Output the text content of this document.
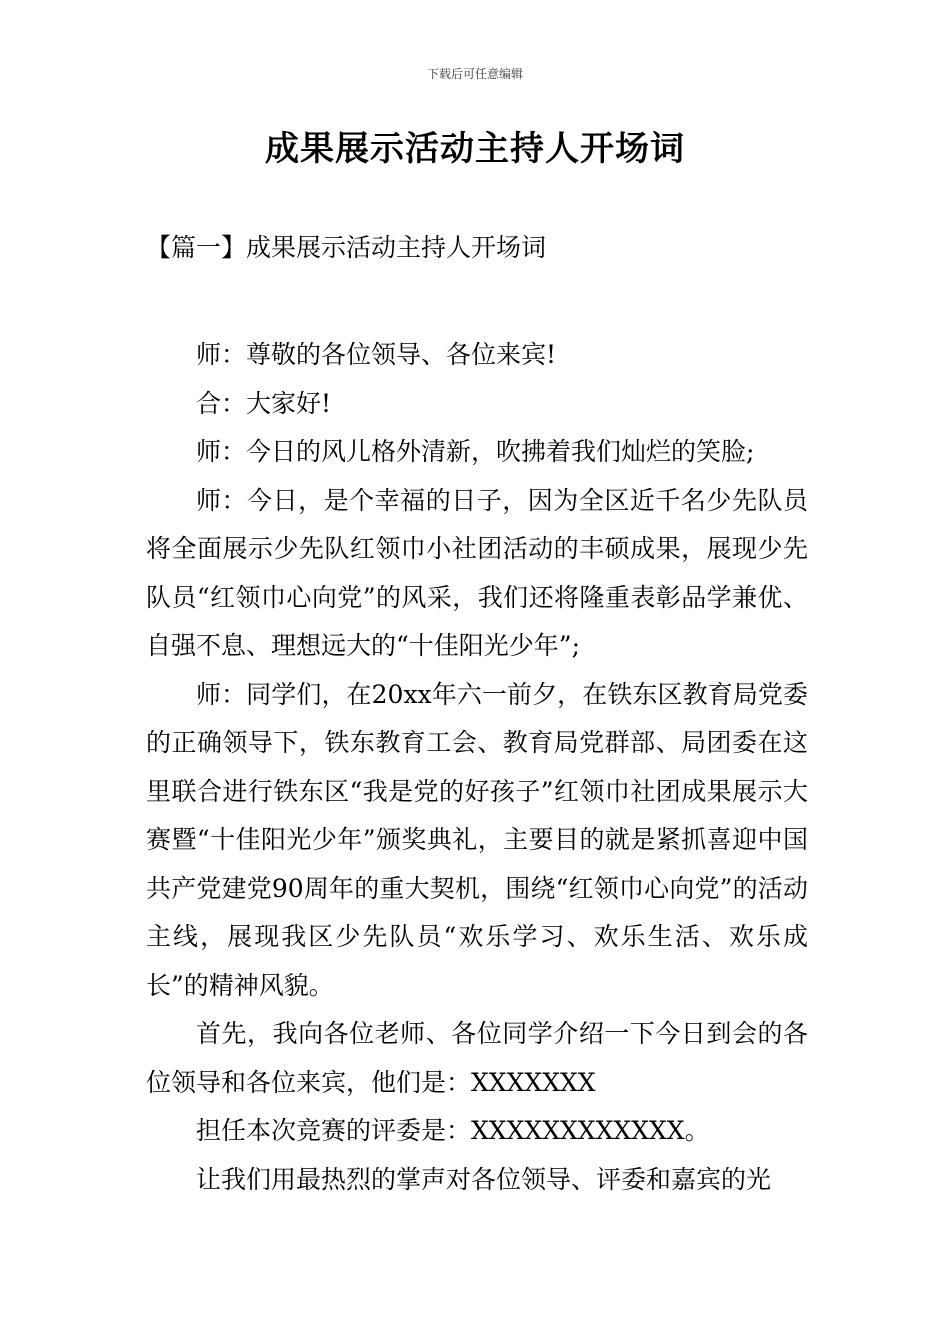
下载后可任意编辑
成果展示活动主持人开场词
【篇一】成果展示活动主持人开场词

师：尊敬的各位领导、各位来宾!

合：大家好!

师：今日的风儿格外清新，吹拂着我们灿烂的笑脸;

师：今日，是个幸福的日子，因为全区近千名少先队员将全面展示少先队红领巾小社团活动的丰硕成果，展现少先队员“红领巾心向党”的风采，我们还将隆重表彰品学兼优、自强不息、理想远大的“十佳阳光少年”;

师：同学们，在20xx年六一前夕，在铁东区教育局党委的正确领导下，铁东教育工会、教育局党群部、局团委在这里联合进行铁东区“我是党的好孩子”红领巾社团成果展示大赛暨“十佳阳光少年”颁奖典礼，主要目的就是紧抓喜迎中国共产党建党90周年的重大契机，围绕“红领巾心向党”的活动主线，展现我区少先队员“欢乐学习、欢乐生活、欢乐成长”的精神风貌。

首先，我向各位老师、各位同学介绍一下今日到会的各位领导和各位来宾，他们是：XXXXXXX

担任本次竞赛的评委是：XXXXXXXXXXXX。

让我们用最热烈的掌声对各位领导、评委和嘉宾的光
